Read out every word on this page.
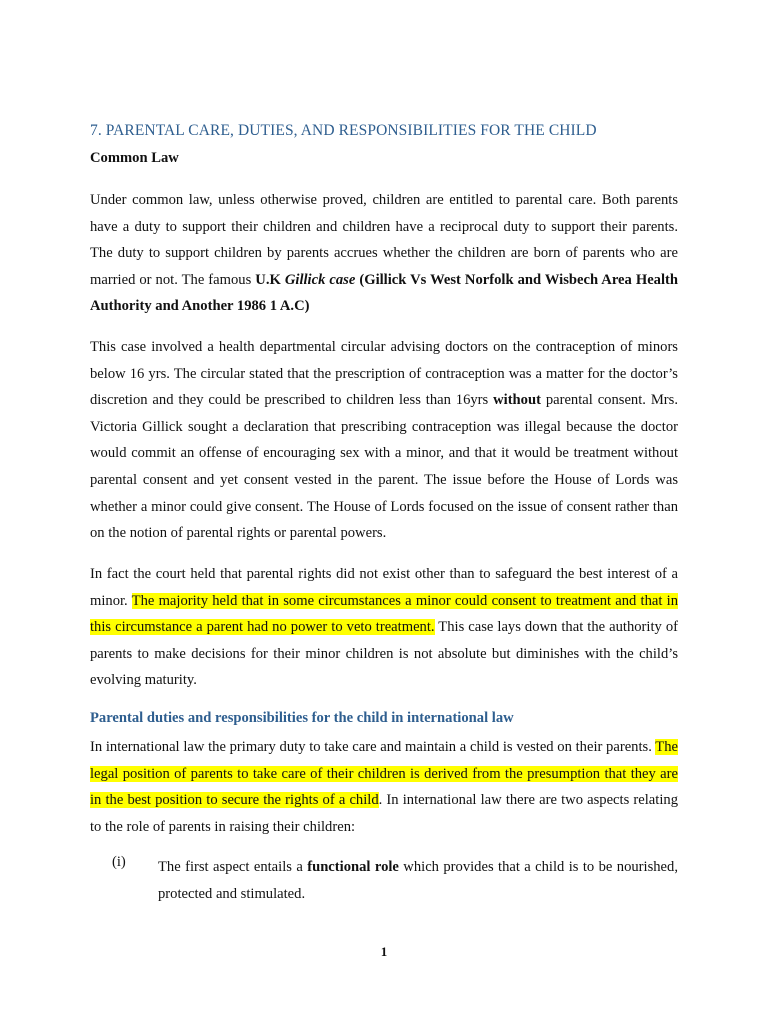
7. PARENTAL CARE, DUTIES, AND RESPONSIBILITIES FOR THE CHILD
Common Law
Under common law, unless otherwise proved, children are entitled to parental care. Both parents have a duty to support their children and children have a reciprocal duty to support their parents. The duty to support children by parents accrues whether the children are born of parents who are married or not. The famous U.K Gillick case (Gillick Vs West Norfolk and Wisbech Area Health Authority and Another 1986 1 A.C)
This case involved a health departmental circular advising doctors on the contraception of minors below 16 yrs. The circular stated that the prescription of contraception was a matter for the doctor’s discretion and they could be prescribed to children less than 16yrs without parental consent. Mrs. Victoria Gillick sought a declaration that prescribing contraception was illegal because the doctor would commit an offense of encouraging sex with a minor, and that it would be treatment without parental consent and yet consent vested in the parent. The issue before the House of Lords was whether a minor could give consent. The House of Lords focused on the issue of consent rather than on the notion of parental rights or parental powers.
In fact the court held that parental rights did not exist other than to safeguard the best interest of a minor. The majority held that in some circumstances a minor could consent to treatment and that in this circumstance a parent had no power to veto treatment. This case lays down that the authority of parents to make decisions for their minor children is not absolute but diminishes with the child’s evolving maturity.
Parental duties and responsibilities for the child in international law
In international law the primary duty to take care and maintain a child is vested on their parents. The legal position of parents to take care of their children is derived from the presumption that they are in the best position to secure the rights of a child. In international law there are two aspects relating to the role of parents in raising their children:
(i) The first aspect entails a functional role which provides that a child is to be nourished, protected and stimulated.
1
